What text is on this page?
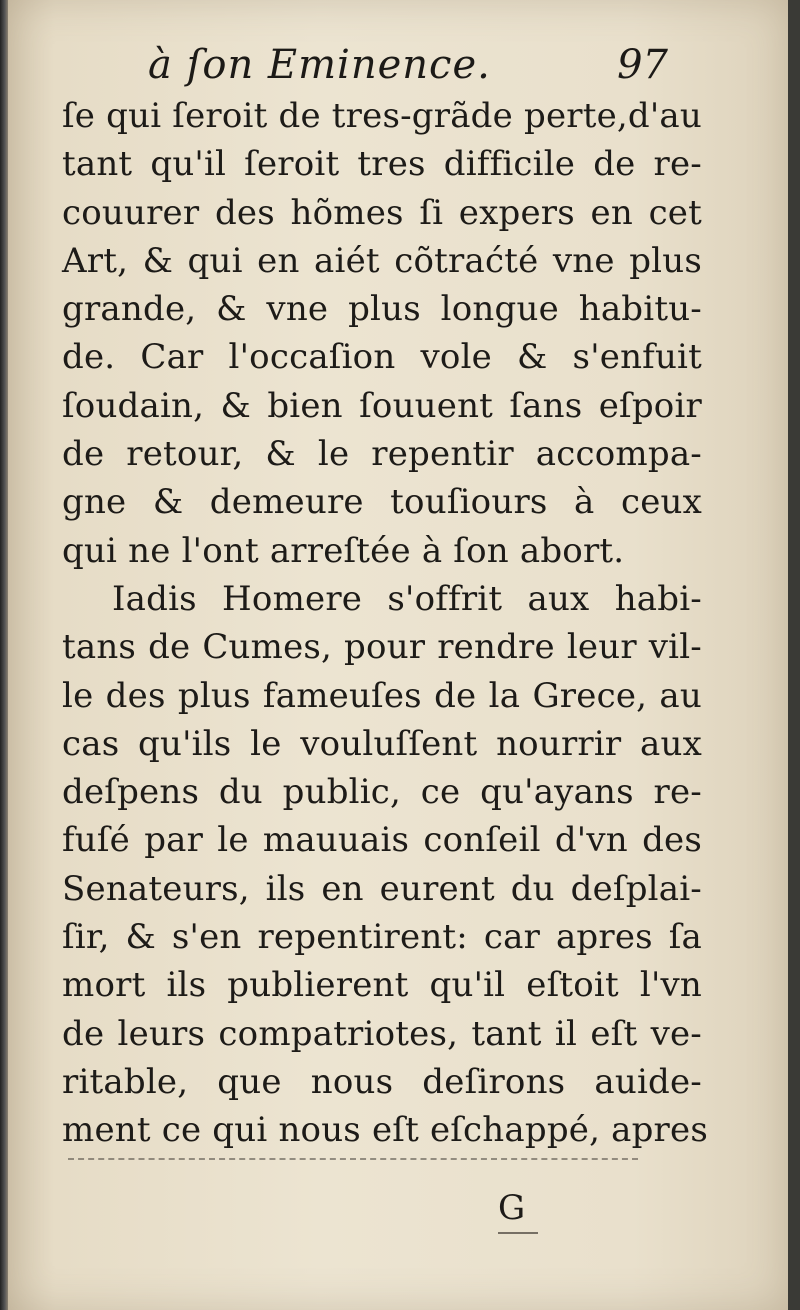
à ſon Eminence.	97
ſe qui ſeroit de tres-grãde perte,d'au
tant qu'il ſeroit tres difficile de re-
couurer des hõmes ſi expers en cet
Art, & qui en aiét cõtraćté vne plus
grande, & vne plus longue habitu-
de. Car l'occaſion vole & s'enfuit
ſoudain, & bien ſouuent ſans eſpoir
de retour, & le repentir accompa-
gne & demeure touſiours à ceux
qui ne l'ont arreſtée à ſon abort.
Iadis Homere s'offrit aux habi-
tans de Cumes, pour rendre leur vil-
le des plus fameuſes de la Grece, au
cas qu'ils le vouluſſent nourrir aux
deſpens du public, ce qu'ayans re-
fuſé par le mauuais conſeil d'vn des
Senateurs, ils en eurent du deſplai-
ſir, & s'en repentirent: car apres ſa
mort ils publierent qu'il eſtoit l'vn
de leurs compatriotes, tant il eſt ve-
ritable, que nous deſirons auide-
ment ce qui nous eſt eſchappé, apres
G
